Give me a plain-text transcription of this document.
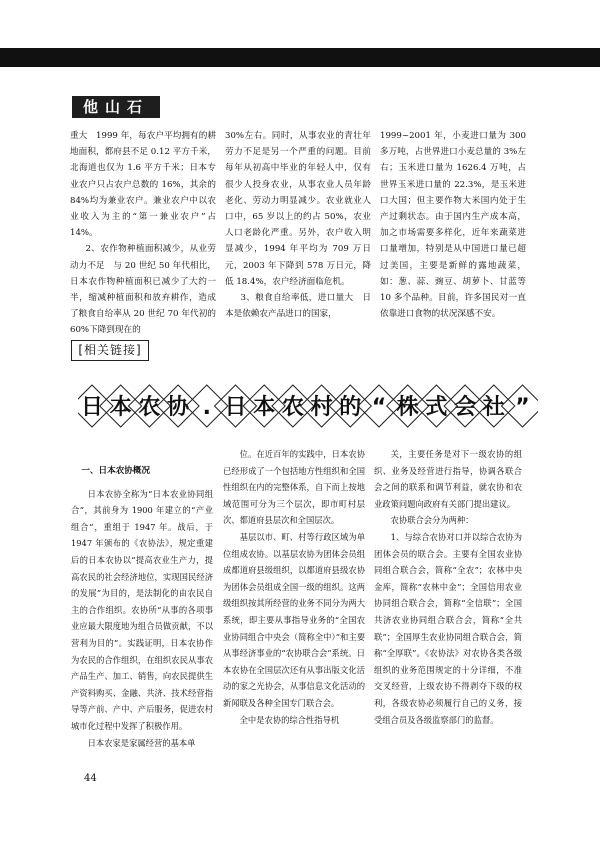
他山石

重大　1999 年，每农户平均拥有的耕地面积，都府县不足 0.12 平方千米，北海道也仅为 1.6 平方千米；日本专业农户只占农户总数的 16%，其余的 84%均为兼业农户。兼业农户中以农业收入为主的“第一兼业农户”占 14%。

2、农作物种植面积减少，从业劳动力不足　与 20 世纪 50 年代相比，日本农作物种植面积已减少了大约一半，缩减种植面积和放弃耕作，造成了粮食自给率从 20 世纪 70 年代初的 60%下降到现在的

30%左右。同时，从事农业的青壮年劳力不足是另一个严重的问题。目前每年从初高中毕业的年轻人中，仅有很少人投身农业，从事农业人员年龄老化、劳动力明显减少。农业就业人口中，65 岁以上的约占 50%，农业人口老龄化严重。另外，农户收入明显减少，1994 年平均为 709 万日元，2003 年下降到 578 万日元，降低 18.4%，农户经济面临危机。

3、粮食自给率低，进口量大　日本是依赖农产品进口的国家，

1999~2001 年，小麦进口量为 300 多万吨，占世界进口小麦总量的 3%左右；玉米进口量为 1626.4 万吨，占世界玉米进口量的 22.3%，是玉米进口大国；但主要作物大米国内处于生产过剩状态。由于国内生产成本高，加之市场需要多样化，近年来蔬菜进口量增加，特别是从中国进口量已超过美国，主要是新鲜的露地蔬菜，如：葱、蒜、豌豆、胡萝卜、甘蓝等 10 多个品种。目前，许多国民对一直依靠进口食物的状况深感不安。

[相关链接]
日 本 农 协 . 日 本 农 村 的 “ 株 式 会 社 ”
一、日本农协概况

日本农协全称为“日本农业协同组合”，其前身为 1900 年建立的“产业组合”，重组于 1947 年。战后，于 1947 年颁布的《农协法》，规定重建后的日本农协以“提高农业生产力，提高农民的社会经济地位，实现国民经济的发展”为目的，是法制化的由农民自主的合作组织。农协所“从事的各项事业应最大限度地为组合员做贡献，不以营利为目的”。实践证明，日本农协作为农民的合作组织，在组织农民从事农产品生产、加工、销售，向农民提供生产资料购买、金融、共济、技术经营指导等产前、产中、产后服务，促进农村城市化过程中发挥了积极作用。

日本农家是家属经营的基本单

位。在近百年的实践中，日本农协已经形成了一个包括地方性组织和全国性组织在内的完整体系，自下而上按地域范围可分为三个层次，即市町村层次、都道府县层次和全国层次。

基层以市、町、村等行政区域为单位组成农协。以基层农协为团体会员组成都道府县级组织，以都道府县级农协为团体会员组成全国一级的组织。这两级组织按其所经营的业务不同分为两大系统，即主要从事指导业务的“全国农业协同组合中央会（简称全中）”和主要从事经济事业的“农协联合会”系统。日本农协在全国层次还有从事出版文化活动的家之光协会，从事信息文化活动的新闻联及各种全国专门联合会。

全中是农协的综合性指导机

关，主要任务是对下一级农协的组织、业务及经营进行指导，协调各联合会之间的联系和调节利益，就农协和农业政策问题向政府有关部门提出建议。

农协联合会分为两种：

1、与综合农协对口并以综合农协为团体会员的联合会。主要有全国农业协同组合联合会，简称“全农”；农林中央金库，简称“农林中金”；全国信用农业协同组合联合会，简称“全信联”；全国共济农业协同组合联合会，简称“全共联”；全国厚生农业协同组合联合会，简称“全厚联”。《农协法》对农协各类各级组织的业务范围规定的十分详细，不准交叉经营，上级农协不得剥夺下级的权利，各级农协必须履行自己的义务，接受组合员及各级监察部门的监督。

44
